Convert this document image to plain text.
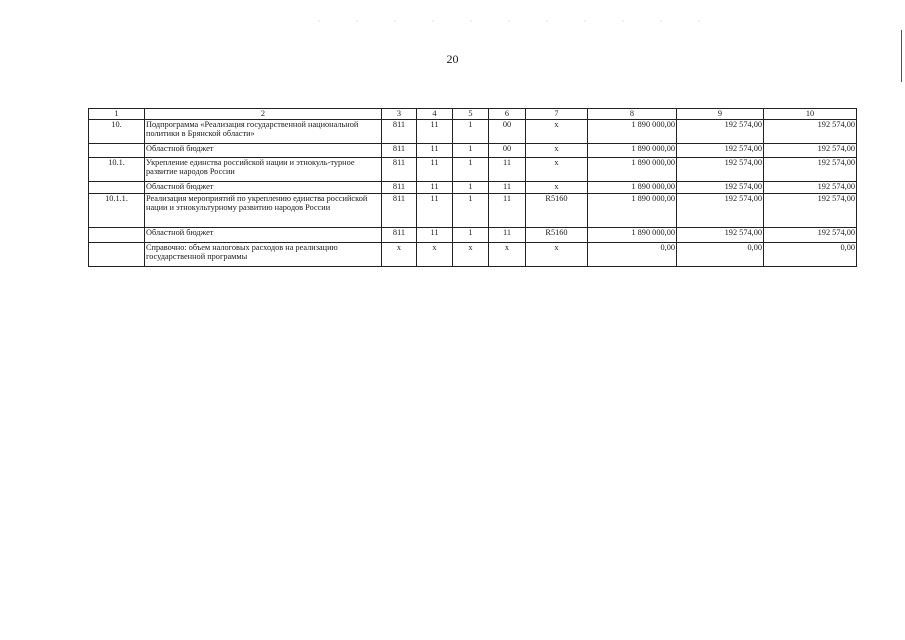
20
1	2	3	4	5	6	7	8	9	10
10.	Подпрограмма «Реализация государственной национальной политики в Брянской области»	811	11	1	00	х	1 890 000,00	192 574,00	192 574,00
	Областной бюджет	811	11	1	00	х	1 890 000,00	192 574,00	192 574,00
10.1.	Укрепление единства российской нации и этнокуль-турное развитие народов России	811	11	1	11	х	1 890 000,00	192 574,00	192 574,00
	Областной бюджет	811	11	1	11	х	1 890 000,00	192 574,00	192 574,00
10.1.1.	Реализация мероприятий по укреплению единства российской нации и этнокультурному развитию народов России	811	11	1	11	R5160	1 890 000,00	192 574,00	192 574,00
	Областной бюджет	811	11	1	11	R5160	1 890 000,00	192 574,00	192 574,00
	Справочно: объем налоговых расходов на реализацию государственной программы	х	х	х	х	х	0,00	0,00	0,00
